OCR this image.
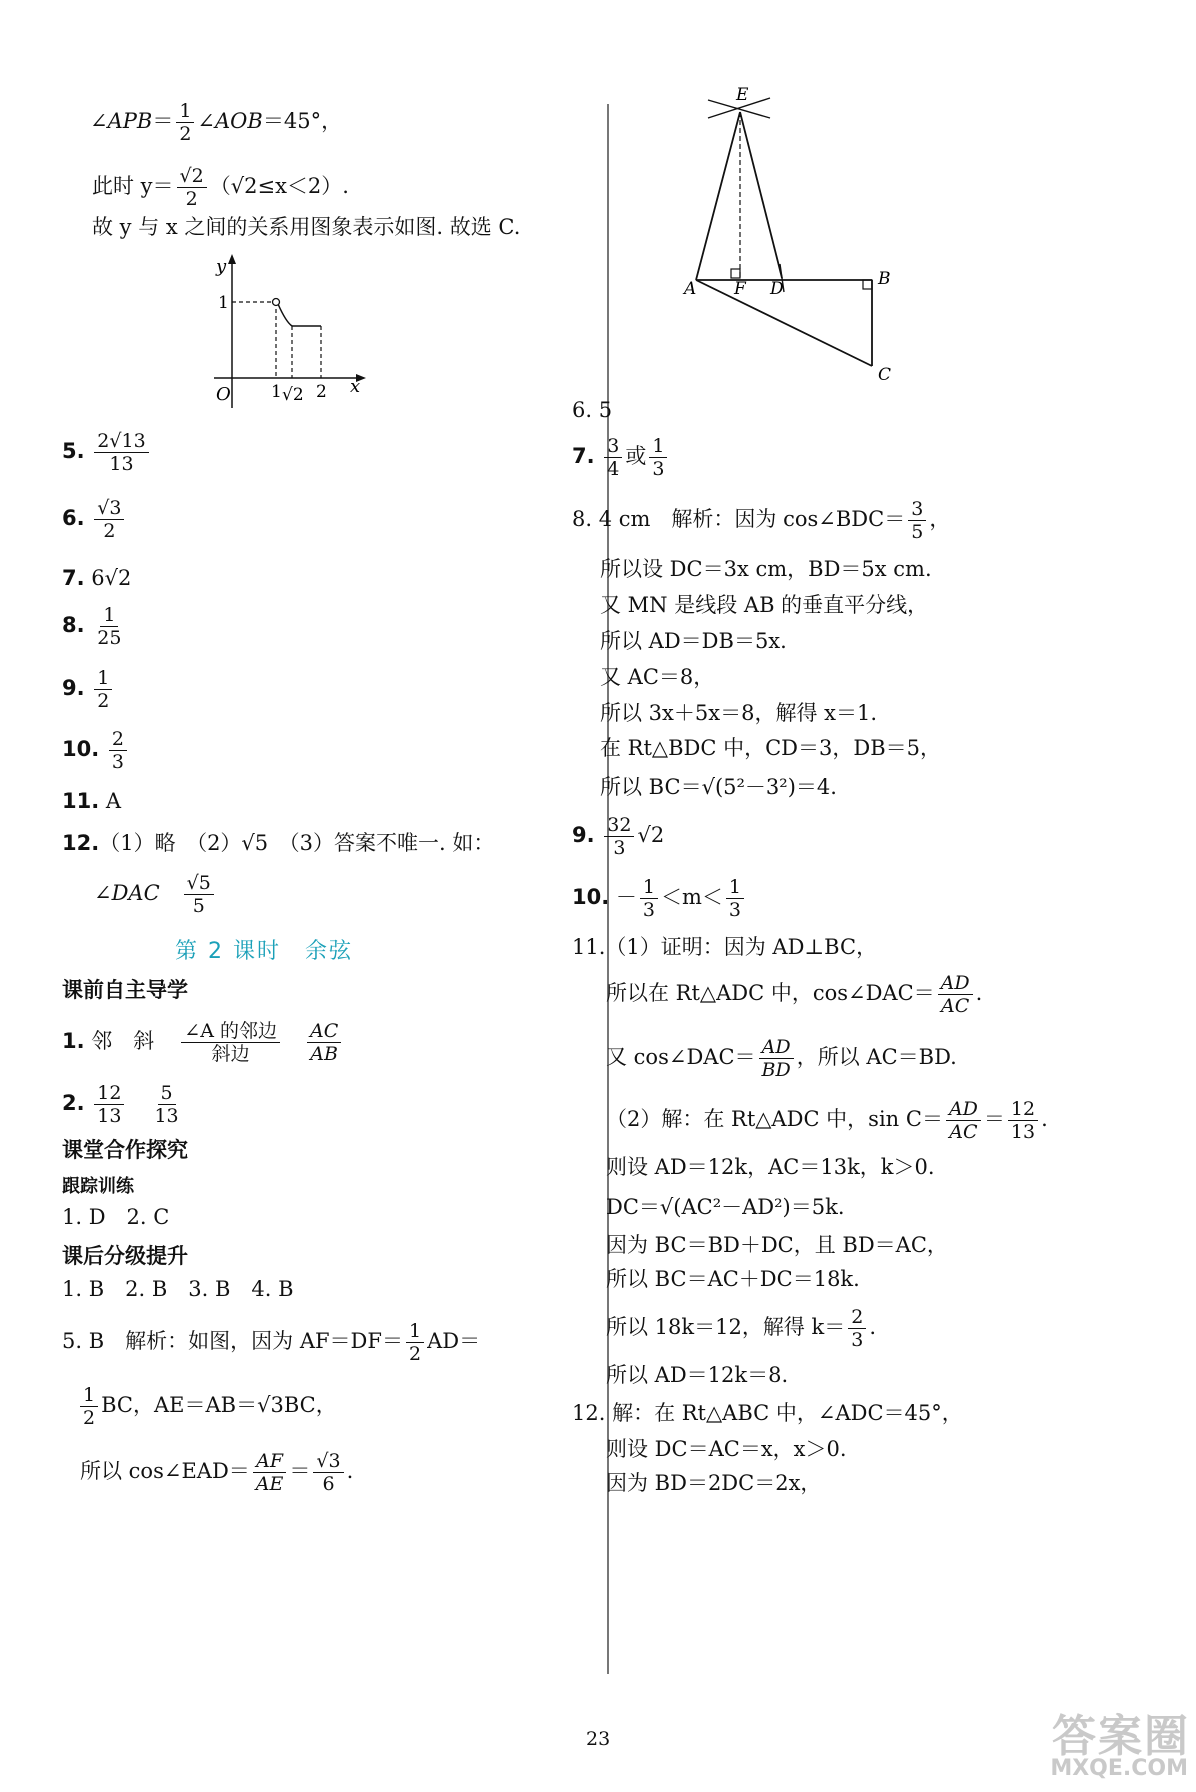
∠APB＝ $\frac{1}{2}$ ∠AOB＝45°，
此时 $y= \frac{√2}{2} (√2\le x<2)$.
故 y 与 x 之间的关系用图象表示如图. 故选 C.
y
x
O
1
1 √2 2
5. $\frac{2√13}{13}$
6. $\frac{√3}{2}$
7. 6√2
8. $\frac{1}{25}$
9. $\frac{1}{2}$
10. $\frac{2}{3}$
11. A
12.（1）略　（2）√5　（3）答案不唯一. 如：
∠DAC　 $\frac{√5}{5}$
第 2 课时　余弦
课前自主导学
1. 邻　斜　 $\frac{\text{∠A 的邻边}}{\text{斜边}}$
　 $\frac{AC}{AB}$
2. $\frac{12}{13}$
　 $\frac{5}{13}$
课堂合作探究
跟踪训练
1. D　2. C
课后分级提升
1. B　2. B　3. B　4. B
5. B　解析：如图，因为 $AF=DF= \frac{1}{2} AD=$
$\frac{1}{2}$ BC，AE＝AB＝√3BC，
所以 cos∠EAD＝ $\frac{AF}{AE} = \frac{√3}{6}$ .
E
A F D	B
C
6. 5
7. $\frac{3}{4}$ 或 $\frac{1}{3}$
8. 4 cm　解析：因为 cos∠BDC＝ $\frac{3}{5}$ ，
所以设 DC＝3x cm，BD＝5x cm.
又 MN 是线段 AB 的垂直平分线，
所以 AD＝DB＝5x.
又 AC＝8，
所以 3x＋5x＝8，解得 x＝1.
在 Rt△BDC 中，CD＝3，DB＝5，
所以 BC＝√(5²－3²)＝4.
9. $\frac{32}{3} √2$
10. － $\frac{1}{3} <m< \frac{1}{3}$
11.（1）证明：因为 AD⊥BC，
所以在 Rt△ADC 中，cos∠DAC＝ $\frac{AD}{AC}$ .
又 cos∠DAC＝ $\frac{AD}{BD}$ ，所以 AC＝BD.
（2）解：在 Rt△ADC 中，$\sin C= \frac{AD}{AC} = \frac{12}{13}$ .
则设 AD＝12k，AC＝13k，k＞0.
DC＝√(AC²－AD²)＝5k.
因为 BC＝BD＋DC，且 BD＝AC，
所以 BC＝AC＋DC＝18k.
所以 18k＝12，解得 $k= \frac{2}{3}$ .
所以 AD＝12k＝8.
12. 解：在 Rt△ABC 中，∠ADC＝45°，
则设 DC＝AC＝x，x＞0.
因为 BD＝2DC＝2x，
23	答案圈
MXQE.COM
